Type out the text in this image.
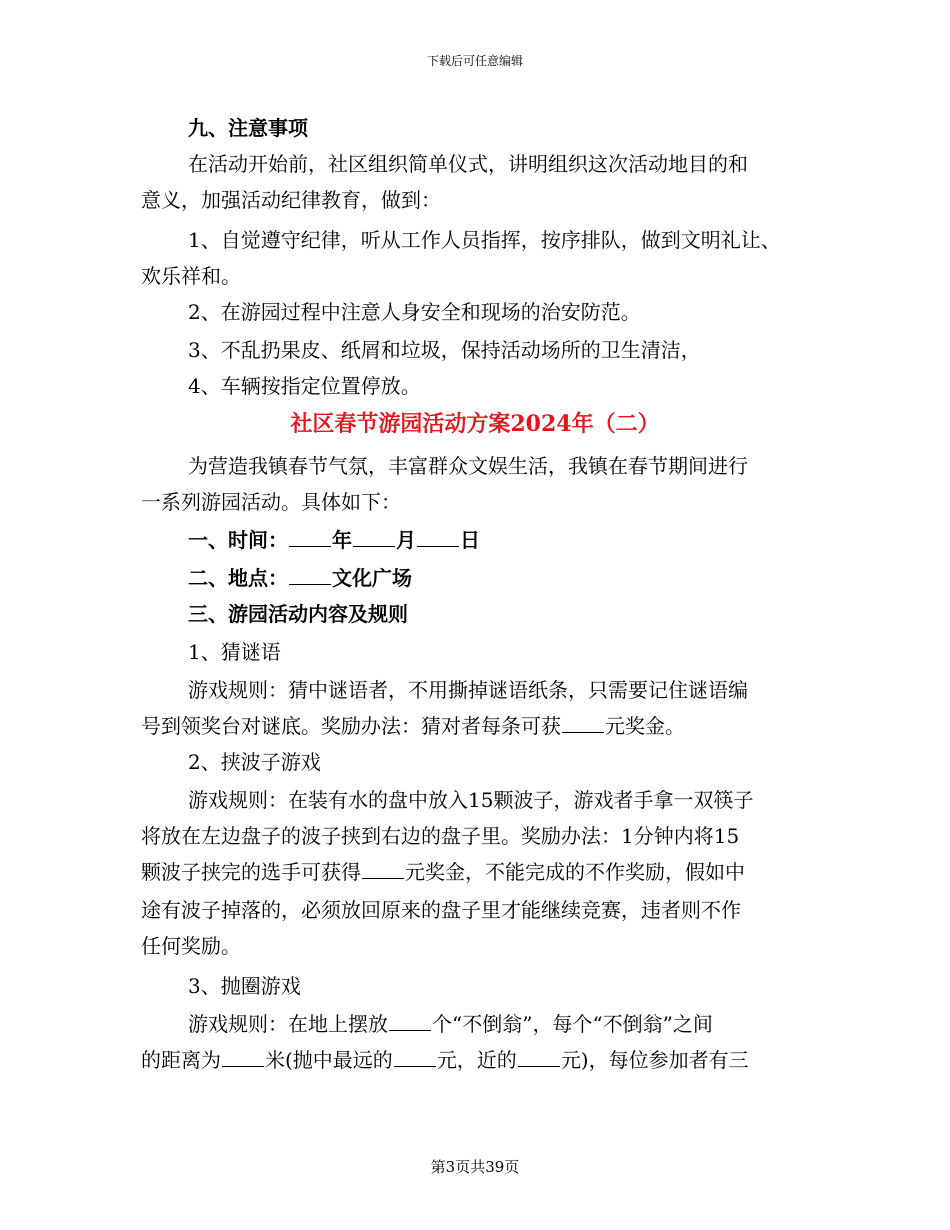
下载后可任意编辑
九、注意事项
在活动开始前，社区组织简单仪式，讲明组织这次活动地目的和
意义，加强活动纪律教育，做到：
1、自觉遵守纪律，听从工作人员指挥，按序排队，做到文明礼让、
欢乐祥和。
2、在游园过程中注意人身安全和现场的治安防范。
3、不乱扔果皮、纸屑和垃圾，保持活动场所的卫生清洁，
4、车辆按指定位置停放。
社区春节游园活动方案2024年（二）
为营造我镇春节气氛，丰富群众文娱生活，我镇在春节期间进行
一系列游园活动。具体如下：
一、时间： 年 月 日
二、地点： 文化广场
三、游园活动内容及规则
1、猜谜语
游戏规则：猜中谜语者，不用撕掉谜语纸条，只需要记住谜语编
号到领奖台对谜底。奖励办法：猜对者每条可获 元奖金。
2、挟波子游戏
游戏规则：在装有水的盘中放入15颗波子，游戏者手拿一双筷子
将放在左边盘子的波子挟到右边的盘子里。奖励办法：1分钟内将15
颗波子挟完的选手可获得 元奖金，不能完成的不作奖励，假如中
途有波子掉落的，必须放回原来的盘子里才能继续竞赛，违者则不作
任何奖励。
3、抛圈游戏
游戏规则：在地上摆放 个“不倒翁”，每个“不倒翁”之间
的距离为 米(抛中最远的 元，近的 元)，每位参加者有三
第3页共39页
